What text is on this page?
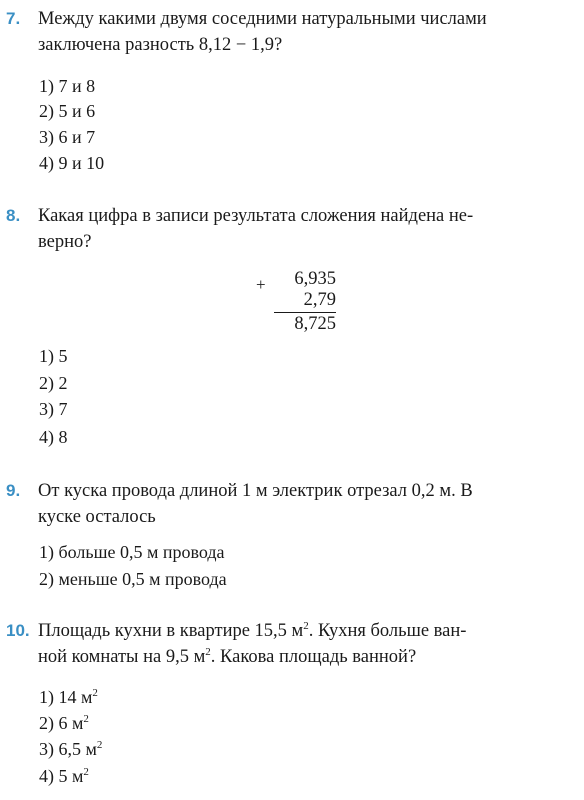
7. Между какими двумя соседними натуральными числами
заключена разность 8,12 − 1,9?
1) 7 и 8
2) 5 и 6
3) 6 и 7
4) 9 и 10
8. Какая цифра в записи результата сложения найдена не-
верно?
6,935
+
2,79
8,725
1) 5
2) 2
3) 7
4) 8
9. От куска провода длиной 1 м электрик отрезал 0,2 м. В
куске осталось
1) больше 0,5 м провода
2) меньше 0,5 м провода
10. Площадь кухни в квартире 15,5 $м^2$. Кухня больше ван-
ной комнаты на 9,5 $м^2$. Какова площадь ванной?
1) 14 $м^2$
2) 6 $м^2$
3) 6,5 $м^2$
4) 5 $м^2$
